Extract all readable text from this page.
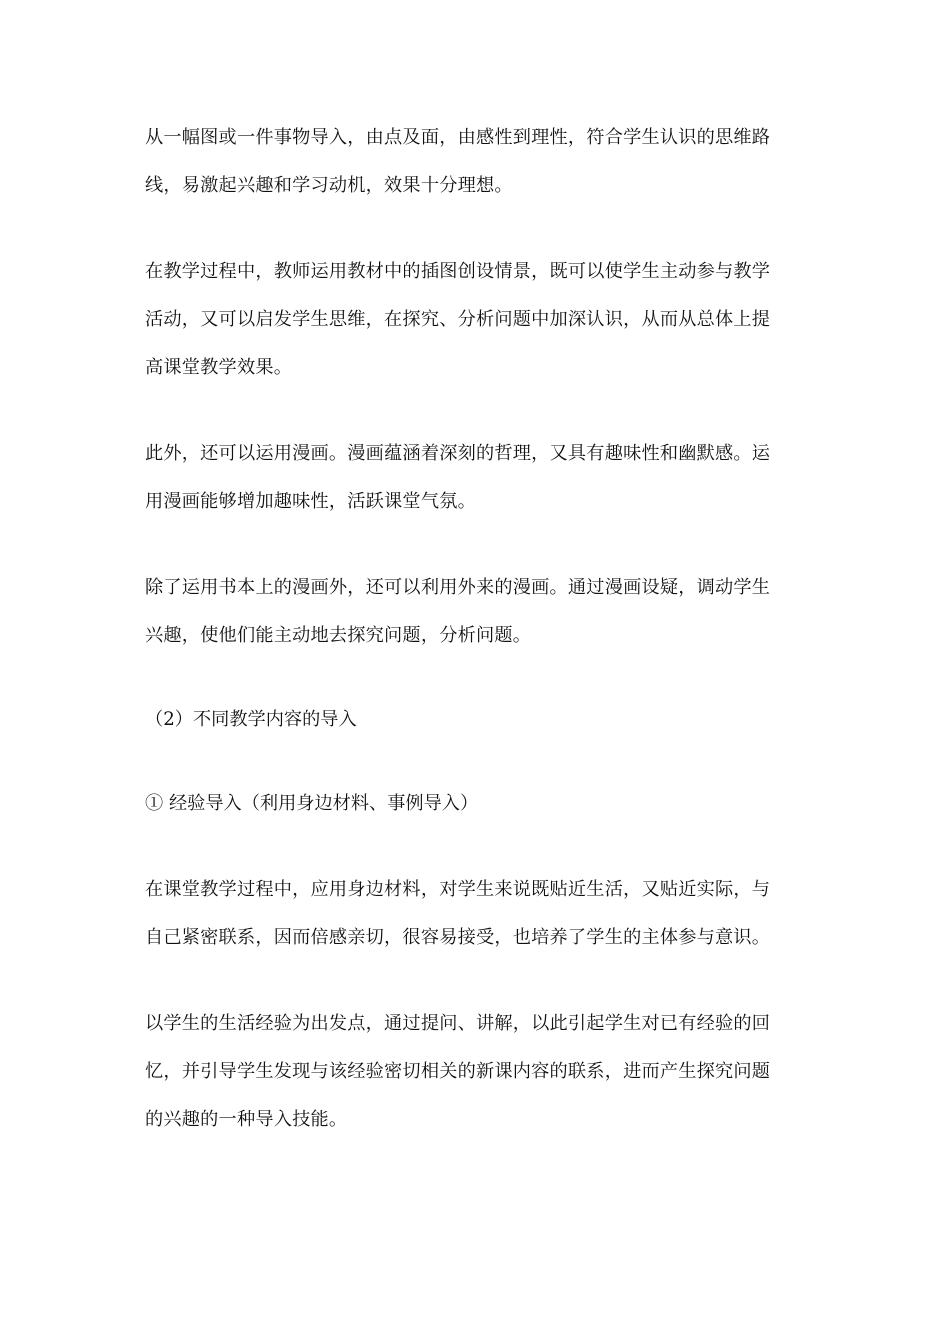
从一幅图或一件事物导入，由点及面，由感性到理性，符合学生认识的思维路
线，易激起兴趣和学习动机，效果十分理想。

在教学过程中，教师运用教材中的插图创设情景，既可以使学生主动参与教学
活动，又可以启发学生思维，在探究、分析问题中加深认识，从而从总体上提
高课堂教学效果。

此外，还可以运用漫画。漫画蕴涵着深刻的哲理，又具有趣味性和幽默感。运
用漫画能够增加趣味性，活跃课堂气氛。

除了运用书本上的漫画外，还可以利用外来的漫画。通过漫画设疑，调动学生
兴趣，使他们能主动地去探究问题，分析问题。

（2）不同教学内容的导入

① 经验导入（利用身边材料、事例导入）

在课堂教学过程中，应用身边材料，对学生来说既贴近生活，又贴近实际，与
自己紧密联系，因而倍感亲切，很容易接受，也培养了学生的主体参与意识。

以学生的生活经验为出发点，通过提问、讲解，以此引起学生对已有经验的回
忆，并引导学生发现与该经验密切相关的新课内容的联系，进而产生探究问题
的兴趣的一种导入技能。
